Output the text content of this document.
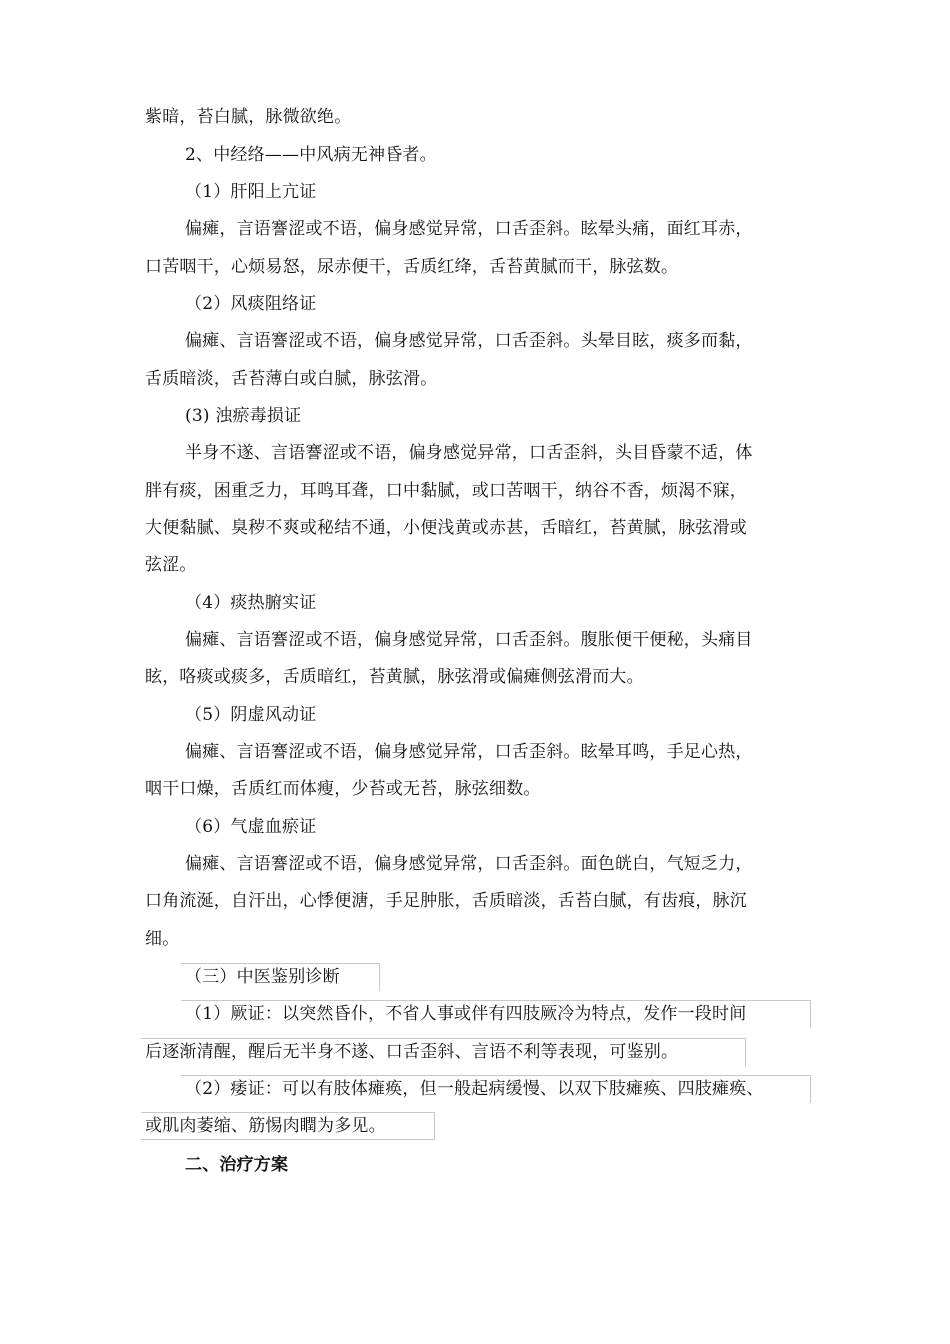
紫暗，苔白腻，脉微欲绝。
2、中经络——中风病无神昏者。
（1）肝阳上亢证
偏瘫，言语謇涩或不语，偏身感觉异常，口舌歪斜。眩晕头痛，面红耳赤，
口苦咽干，心烦易怒，尿赤便干，舌质红绛，舌苔黄腻而干，脉弦数。
（2）风痰阻络证
偏瘫、言语謇涩或不语，偏身感觉异常，口舌歪斜。头晕目眩，痰多而黏，
舌质暗淡，舌苔薄白或白腻，脉弦滑。
(3) 浊瘀毒损证
半身不遂、言语謇涩或不语，偏身感觉异常，口舌歪斜，头目昏蒙不适，体
胖有痰，困重乏力，耳鸣耳聋，口中黏腻，或口苦咽干，纳谷不香，烦渴不寐，
大便黏腻、臭秽不爽或秘结不通，小便浅黄或赤甚，舌暗红，苔黄腻，脉弦滑或
弦涩。
（4）痰热腑实证
偏瘫、言语謇涩或不语，偏身感觉异常，口舌歪斜。腹胀便干便秘，头痛目
眩，咯痰或痰多，舌质暗红，苔黄腻，脉弦滑或偏瘫侧弦滑而大。
（5）阴虚风动证
偏瘫、言语謇涩或不语，偏身感觉异常，口舌歪斜。眩晕耳鸣，手足心热，
咽干口燥，舌质红而体瘦，少苔或无苔，脉弦细数。
（6）气虚血瘀证
偏瘫、言语謇涩或不语，偏身感觉异常，口舌歪斜。面色㿠白，气短乏力，
口角流涎，自汗出，心悸便溏，手足肿胀，舌质暗淡，舌苔白腻，有齿痕，脉沉
细。
（三）中医鉴别诊断
（1）厥证：以突然昏仆，不省人事或伴有四肢厥冷为特点，发作一段时间
后逐渐清醒，醒后无半身不遂、口舌歪斜、言语不利等表现，可鉴别。
（2）痿证：可以有肢体瘫痪，但一般起病缓慢、以双下肢瘫痪、四肢瘫痪、
或肌肉萎缩、筋惕肉瞤为多见。
二、治疗方案
